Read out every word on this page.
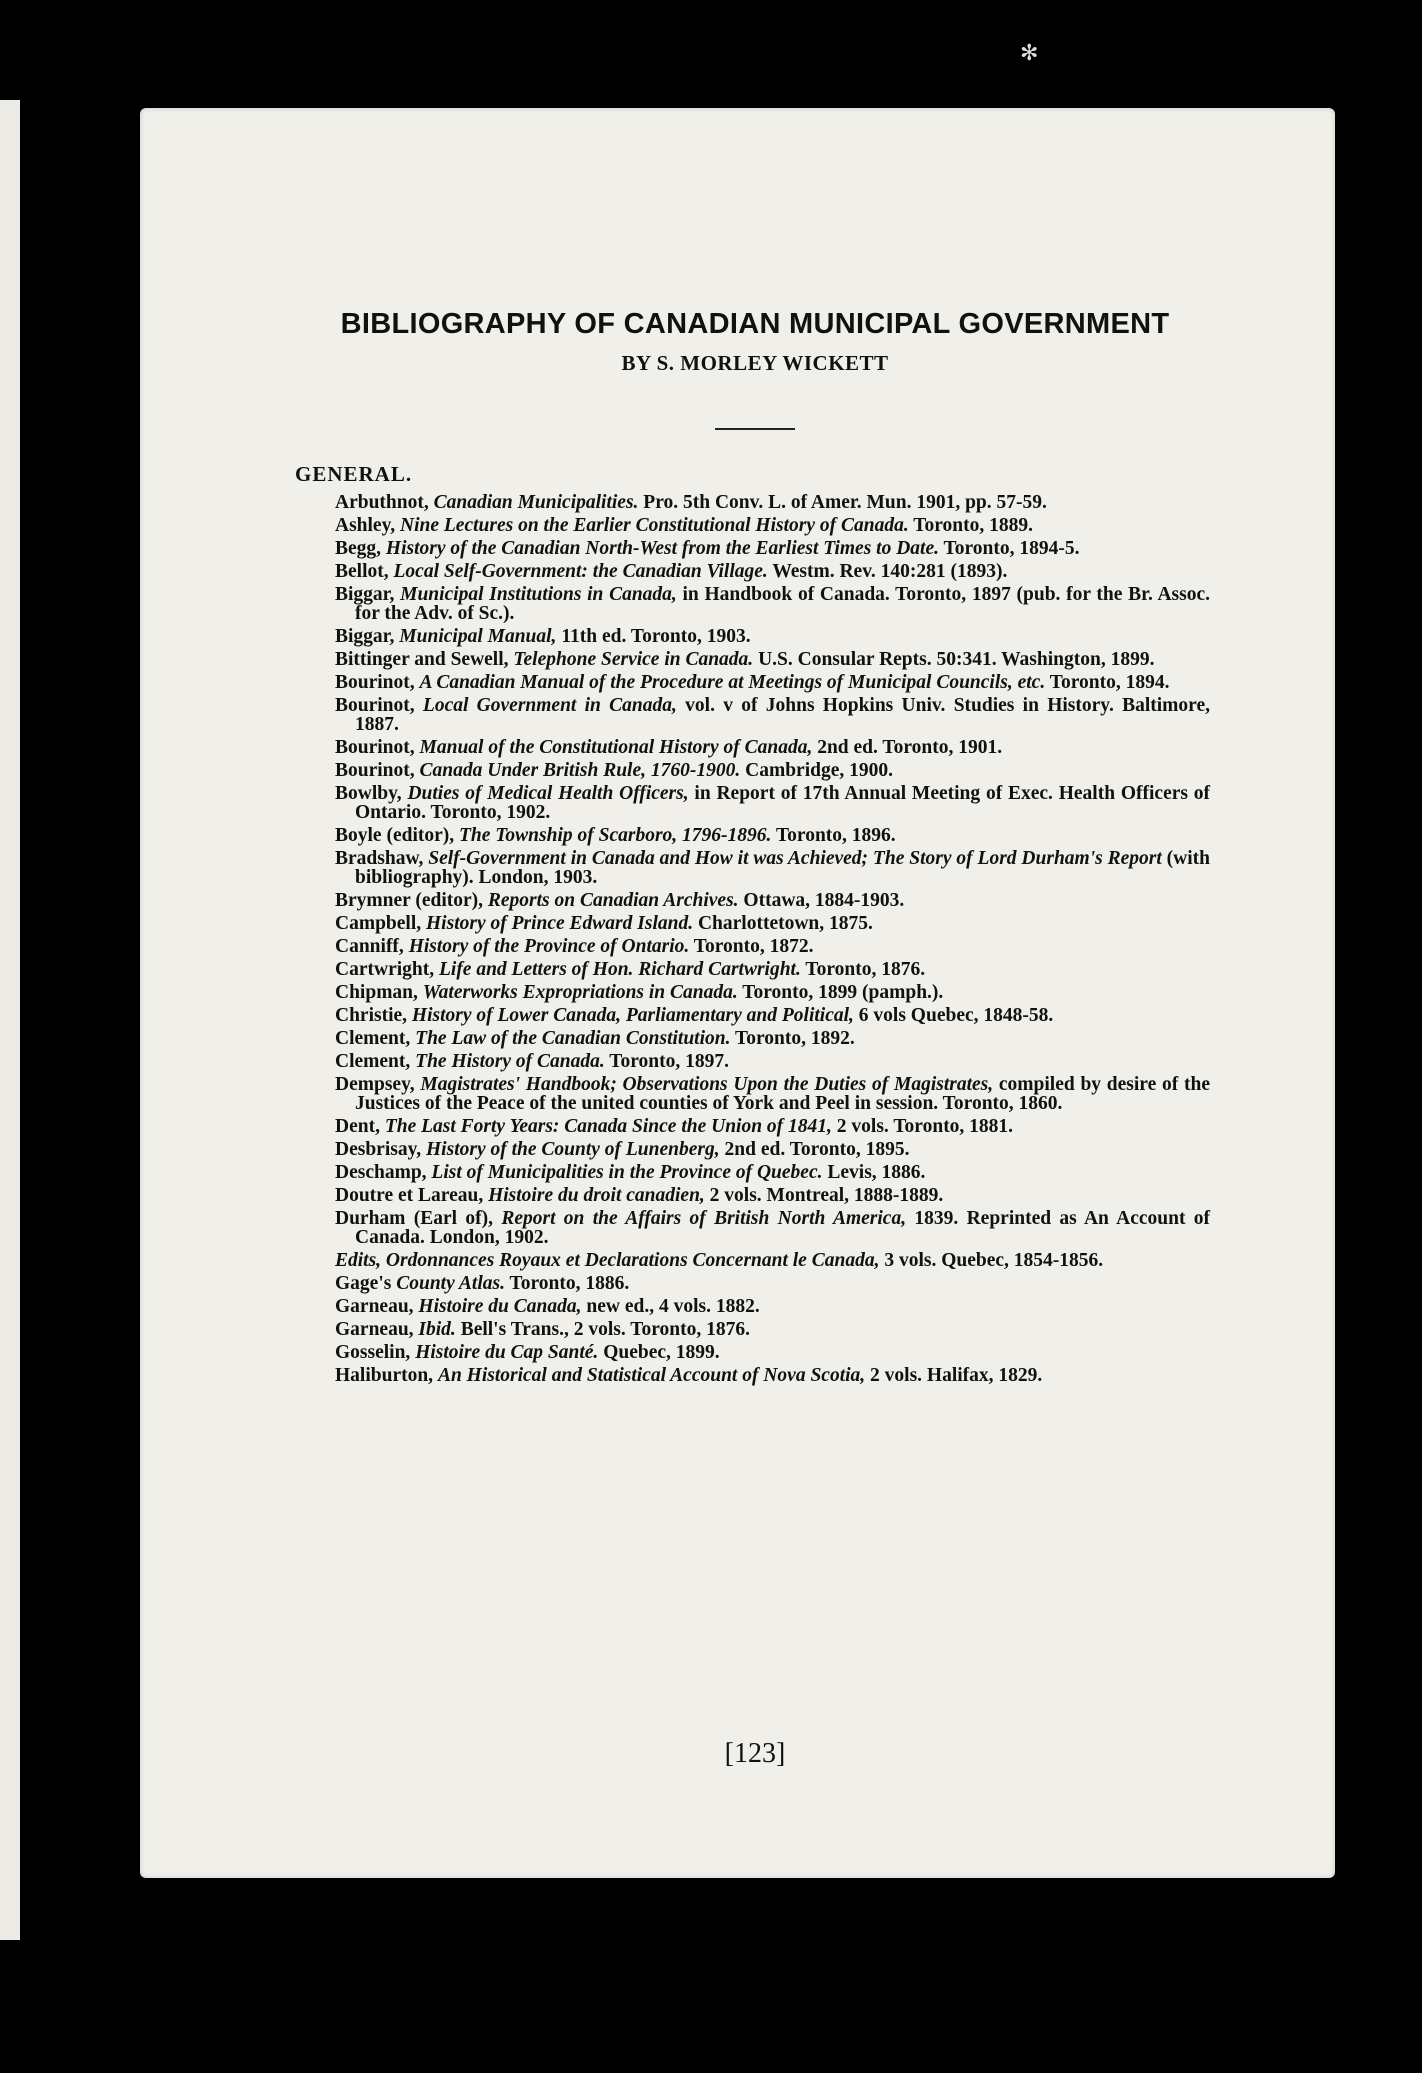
✻
BIBLIOGRAPHY OF CANADIAN MUNICIPAL GOVERNMENT
BY S. MORLEY WICKETT
GENERAL.

Arbuthnot, Canadian Municipalities. Pro. 5th Conv. L. of Amer. Mun. 1901, pp. 57-59.

Ashley, Nine Lectures on the Earlier Constitutional History of Canada. Toronto, 1889.

Begg, History of the Canadian North-West from the Earliest Times to Date. Toronto, 1894-5.

Bellot, Local Self-Government: the Canadian Village. Westm. Rev. 140:281 (1893).

Biggar, Municipal Institutions in Canada, in Handbook of Canada. Toronto, 1897 (pub. for the Br. Assoc. for the Adv. of Sc.).

Biggar, Municipal Manual, 11th ed. Toronto, 1903.

Bittinger and Sewell, Telephone Service in Canada. U.S. Consular Repts. 50:341. Washington, 1899.

Bourinot, A Canadian Manual of the Procedure at Meetings of Municipal Councils, etc. Toronto, 1894.

Bourinot, Local Government in Canada, vol. v of Johns Hopkins Univ. Studies in History. Baltimore, 1887.

Bourinot, Manual of the Constitutional History of Canada, 2nd ed. Toronto, 1901.

Bourinot, Canada Under British Rule, 1760-1900. Cambridge, 1900.

Bowlby, Duties of Medical Health Officers, in Report of 17th Annual Meeting of Exec. Health Officers of Ontario. Toronto, 1902.

Boyle (editor), The Township of Scarboro, 1796-1896. Toronto, 1896.

Bradshaw, Self-Government in Canada and How it was Achieved; The Story of Lord Durham's Report (with bibliography). London, 1903.

Brymner (editor), Reports on Canadian Archives. Ottawa, 1884-1903.

Campbell, History of Prince Edward Island. Charlottetown, 1875.

Canniff, History of the Province of Ontario. Toronto, 1872.

Cartwright, Life and Letters of Hon. Richard Cartwright. Toronto, 1876.

Chipman, Waterworks Expropriations in Canada. Toronto, 1899 (pamph.).

Christie, History of Lower Canada, Parliamentary and Political, 6 vols Quebec, 1848-58.

Clement, The Law of the Canadian Constitution. Toronto, 1892.

Clement, The History of Canada. Toronto, 1897.

Dempsey, Magistrates' Handbook; Observations Upon the Duties of Magistrates, compiled by desire of the Justices of the Peace of the united counties of York and Peel in session. Toronto, 1860.

Dent, The Last Forty Years: Canada Since the Union of 1841, 2 vols. Toronto, 1881.

Desbrisay, History of the County of Lunenberg, 2nd ed. Toronto, 1895.

Deschamp, List of Municipalities in the Province of Quebec. Levis, 1886.

Doutre et Lareau, Histoire du droit canadien, 2 vols. Montreal, 1888-1889.

Durham (Earl of), Report on the Affairs of British North America, 1839. Reprinted as An Account of Canada. London, 1902.

Edits, Ordonnances Royaux et Declarations Concernant le Canada, 3 vols. Quebec, 1854-1856.

Gage's County Atlas. Toronto, 1886.

Garneau, Histoire du Canada, new ed., 4 vols. 1882.

Garneau, Ibid. Bell's Trans., 2 vols. Toronto, 1876.

Gosselin, Histoire du Cap Santé. Quebec, 1899.

Haliburton, An Historical and Statistical Account of Nova Scotia, 2 vols. Halifax, 1829.

[123]
